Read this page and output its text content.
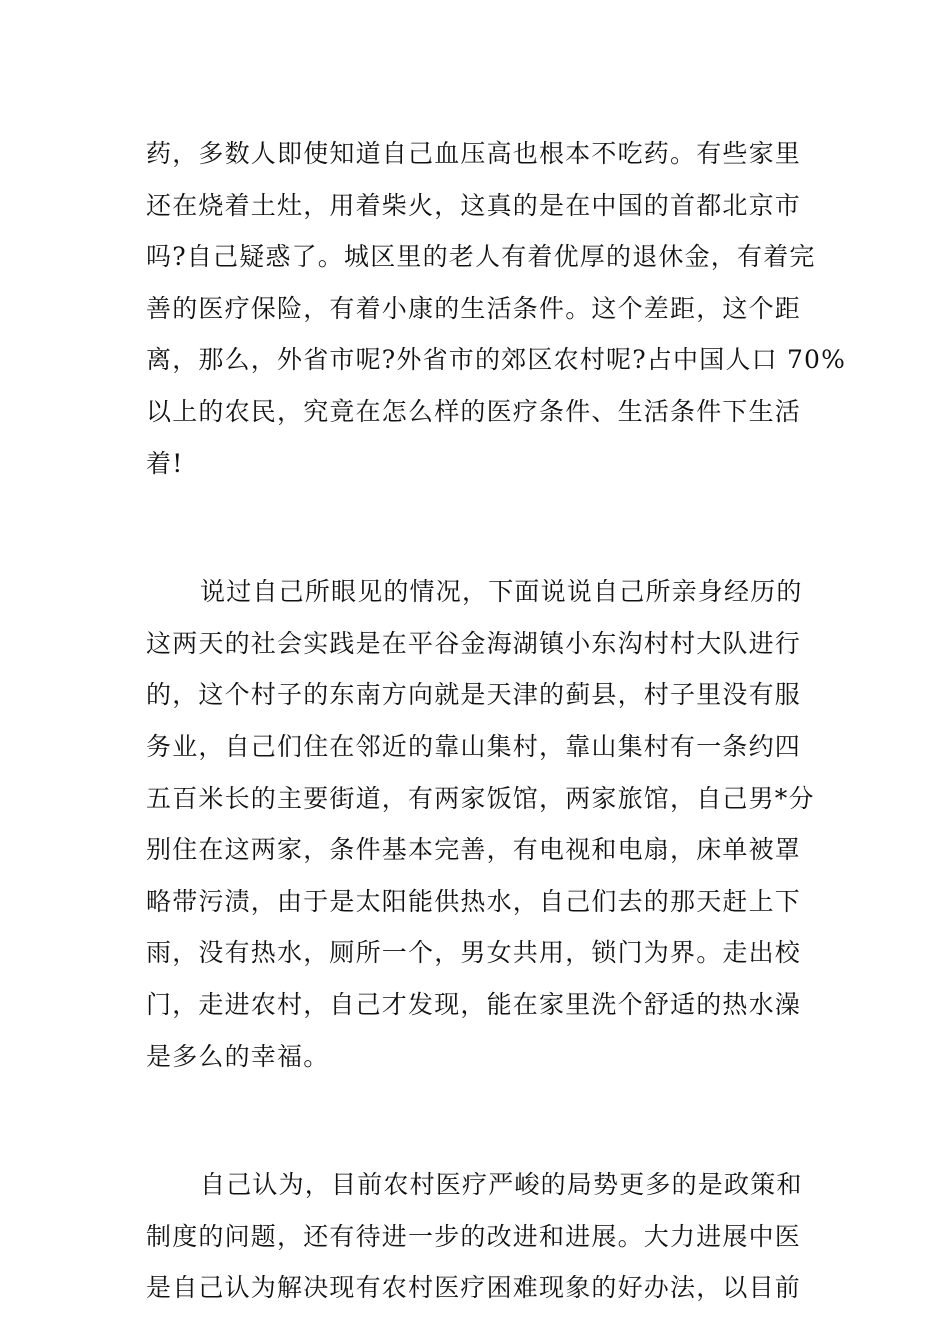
药，多数人即使知道自己血压高也根本不吃药。有些家里
还在烧着土灶，用着柴火，这真的是在中国的首都北京市
吗?自己疑惑了。城区里的老人有着优厚的退休金，有着完
善的医疗保险，有着小康的生活条件。这个差距，这个距
离，那么，外省市呢?外省市的郊区农村呢?占中国人口 70%
以上的农民，究竟在怎么样的医疗条件、生活条件下生活
着!
说过自己所眼见的情况，下面说说自己所亲身经历的
这两天的社会实践是在平谷金海湖镇小东沟村村大队进行
的，这个村子的东南方向就是天津的蓟县，村子里没有服
务业，自己们住在邻近的靠山集村，靠山集村有一条约四
五百米长的主要街道，有两家饭馆，两家旅馆，自己男*分
别住在这两家，条件基本完善，有电视和电扇，床单被罩
略带污渍，由于是太阳能供热水，自己们去的那天赶上下
雨，没有热水，厕所一个，男女共用，锁门为界。走出校
门，走进农村，自己才发现，能在家里洗个舒适的热水澡
是多么的幸福。
自己认为，目前农村医疗严峻的局势更多的是政策和
制度的问题，还有待进一步的改进和进展。大力进展中医
是自己认为解决现有农村医疗困难现象的好办法，以目前
